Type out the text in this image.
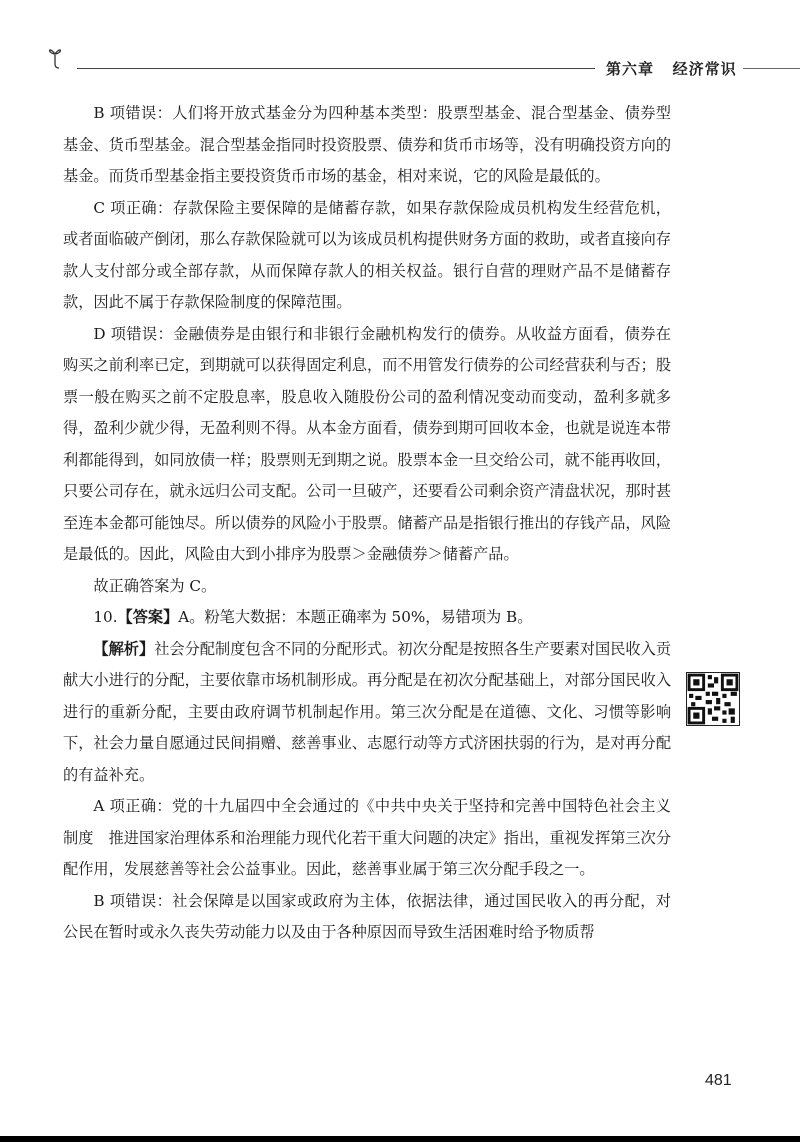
第六章   经济常识

B 项错误：人们将开放式基金分为四种基本类型：股票型基金、混合型基金、债券型基金、货币型基金。混合型基金指同时投资股票、债券和货币市场等，没有明确投资方向的基金。而货币型基金指主要投资货币市场的基金，相对来说，它的风险是最低的。

C 项正确：存款保险主要保障的是储蓄存款，如果存款保险成员机构发生经营危机，或者面临破产倒闭，那么存款保险就可以为该成员机构提供财务方面的救助，或者直接向存款人支付部分或全部存款，从而保障存款人的相关权益。银行自营的理财产品不是储蓄存款，因此不属于存款保险制度的保障范围。

D 项错误：金融债券是由银行和非银行金融机构发行的债券。从收益方面看，债券在购买之前利率已定，到期就可以获得固定利息，而不用管发行债券的公司经营获利与否；股票一般在购买之前不定股息率，股息收入随股份公司的盈利情况变动而变动，盈利多就多得，盈利少就少得，无盈利则不得。从本金方面看，债券到期可回收本金，也就是说连本带利都能得到，如同放债一样；股票则无到期之说。股票本金一旦交给公司，就不能再收回，只要公司存在，就永远归公司支配。公司一旦破产，还要看公司剩余资产清盘状况，那时甚至连本金都可能蚀尽。所以债券的风险小于股票。储蓄产品是指银行推出的存钱产品，风险是最低的。因此，风险由大到小排序为股票＞金融债券＞储蓄产品。

故正确答案为 C。

10.【答案】A。粉笔大数据：本题正确率为 50%，易错项为 B。

【解析】社会分配制度包含不同的分配形式。初次分配是按照各生产要素对国民收入贡献大小进行的分配，主要依靠市场机制形成。再分配是在初次分配基础上，对部分国民收入进行的重新分配，主要由政府调节机制起作用。第三次分配是在道德、文化、习惯等影响下，社会力量自愿通过民间捐赠、慈善事业、志愿行动等方式济困扶弱的行为，是对再分配的有益补充。

A 项正确：党的十九届四中全会通过的《中共中央关于坚持和完善中国特色社会主义制度　推进国家治理体系和治理能力现代化若干重大问题的决定》指出，重视发挥第三次分配作用，发展慈善等社会公益事业。因此，慈善事业属于第三次分配手段之一。

B 项错误：社会保障是以国家或政府为主体，依据法律，通过国民收入的再分配，对公民在暂时或永久丧失劳动能力以及由于各种原因而导致生活困难时给予物质帮

481
